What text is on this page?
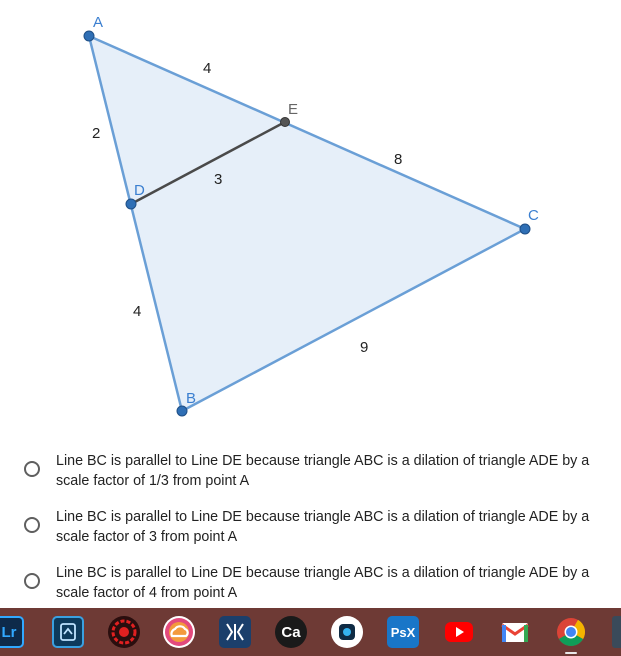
A
B
C
D
E
4
8
2
3
4
9
Line BC is parallel to Line DE because triangle ABC is a dilation of triangle ADE by a scale factor of 1/3 from point A
Line BC is parallel to Line DE because triangle ABC is a dilation of triangle ADE by a scale factor of 3 from point A
Line BC is parallel to Line DE because triangle ABC is a dilation of triangle ADE by a scale factor of 4 from point A
Lr	Ca	PsX
